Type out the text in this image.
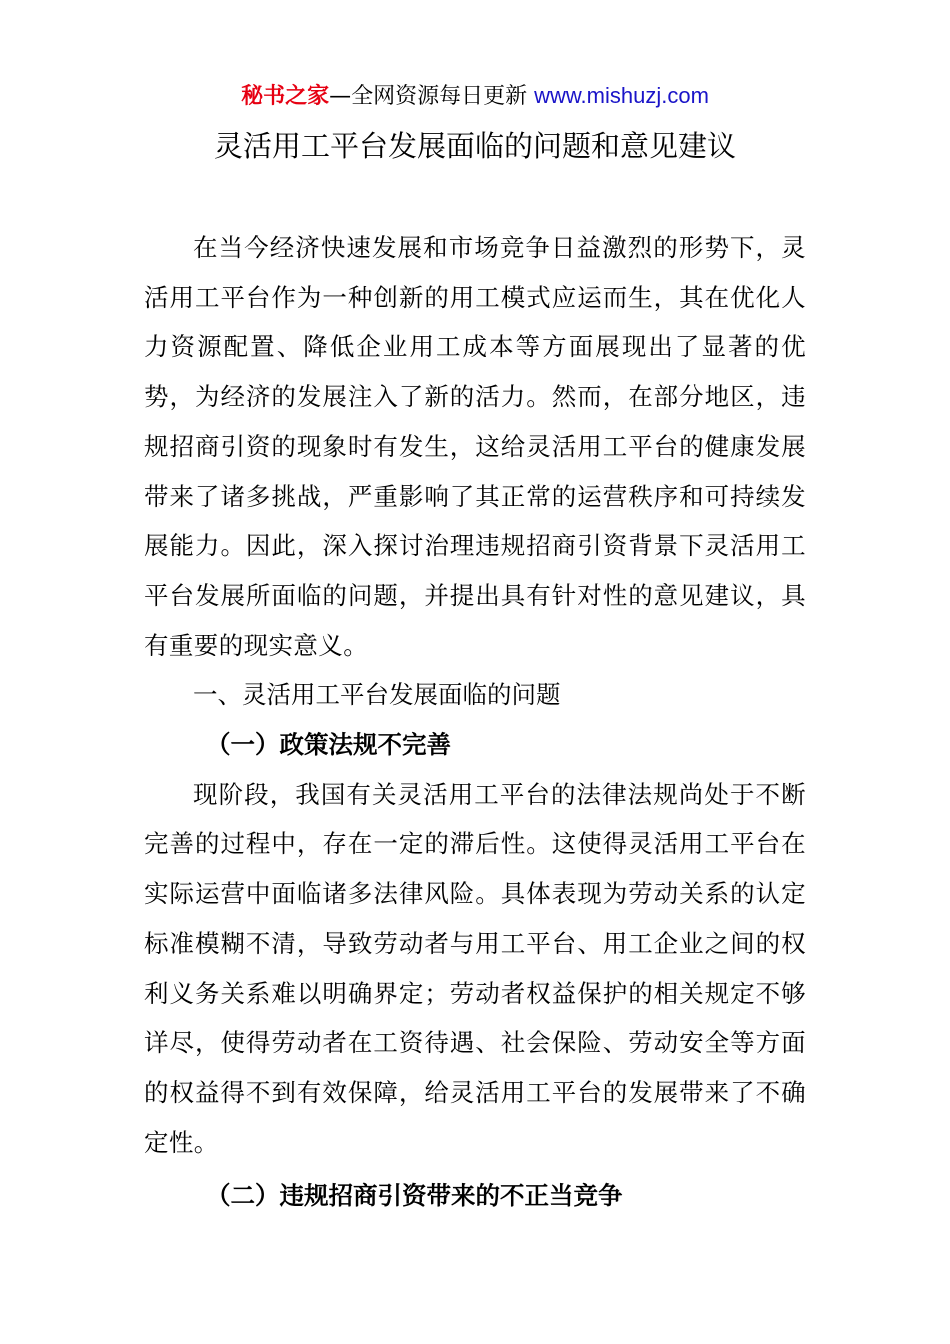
秘书之家—全网资源每日更新 www.mishuzj.com
灵活用工平台发展面临的问题和意见建议

在当今经济快速发展和市场竞争日益激烈的形势下，灵活用工平台作为一种创新的用工模式应运而生，其在优化人力资源配置、降低企业用工成本等方面展现出了显著的优势，为经济的发展注入了新的活力。然而，在部分地区，违规招商引资的现象时有发生，这给灵活用工平台的健康发展带来了诸多挑战，严重影响了其正常的运营秩序和可持续发展能力。因此，深入探讨治理违规招商引资背景下灵活用工平台发展所面临的问题，并提出具有针对性的意见建议，具有重要的现实意义。

一、灵活用工平台发展面临的问题

（一）政策法规不完善

现阶段，我国有关灵活用工平台的法律法规尚处于不断完善的过程中，存在一定的滞后性。这使得灵活用工平台在实际运营中面临诸多法律风险。具体表现为劳动关系的认定标准模糊不清，导致劳动者与用工平台、用工企业之间的权利义务关系难以明确界定；劳动者权益保护的相关规定不够详尽，使得劳动者在工资待遇、社会保险、劳动安全等方面的权益得不到有效保障，给灵活用工平台的发展带来了不确定性。

（二）违规招商引资带来的不正当竞争
